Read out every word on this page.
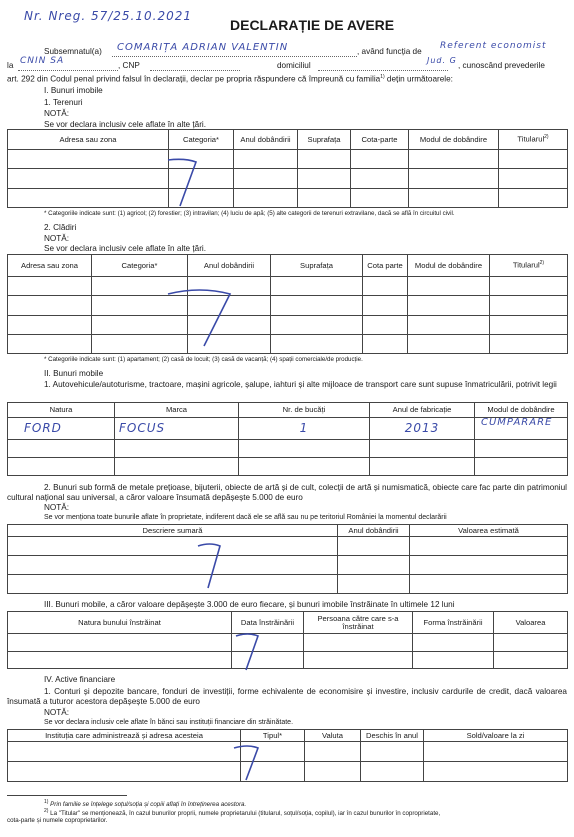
Nr. Nreg. 57/25.10.2021
DECLARAȚIE DE AVERE
Subsemnatul(a) COMARIȚA ADRIAN VALENTIN	, având funcția de
Referent economist
la CNIN SA	, CNP	domiciliul
Jud. G
, cunoscând prevederile
art. 292 din Codul penal privind falsul în declarații, declar pe propria răspundere că împreună cu familia$^{1)}$ dețin următoarele:
I. Bunuri imobile
1. Terenuri
NOTĂ:
Se vor declara inclusiv cele aflate în alte țări.
Adresa sau zona	Categoria*	Anul dobândirii	Suprafața	Cota-parte	Modul de dobândire	Titularul$^{2)}$

* Categoriile indicate sunt: (1) agricol; (2) forestier; (3) intravilan; (4) luciu de apă; (5) alte categorii de terenuri extravilane, dacă se află în circuitul civil.
2. Clădiri
NOTĂ:
Se vor declara inclusiv cele aflate în alte țări.
Adresa sau zona	Categoria*	Anul dobândirii	Suprafața	Cota parte	Modul de dobândire	Titularul$^{2)}$

* Categoriile indicate sunt: (1) apartament; (2) casă de locuit; (3) casă de vacanță; (4) spații comerciale/de producție.
II. Bunuri mobile
1. Autovehicule/autoturisme, tractoare, mașini agricole, șalupe, iahturi și alte mijloace de transport care sunt supuse înmatriculării, potrivit legii
Natura	Marca	Nr. de bucăți	Anul de fabricație	Modul de dobândire
FORD	FOCUS	1	2013	CUMPARARE

2. Bunuri sub formă de metale prețioase, bijuterii, obiecte de artă și de cult, colecții de artă și numismatică, obiecte care fac parte din patrimoniul cultural național sau universal, a căror valoare însumată depășește 5.000 de euro
NOTĂ:
Se vor menționa toate bunurile aflate în proprietate, indiferent dacă ele se află sau nu pe teritoriul României la momentul declarării
Descriere sumară	Anul dobândirii	Valoarea estimată

III. Bunuri mobile, a căror valoare depășește 3.000 de euro fiecare, și bunuri imobile înstrăinate în ultimele 12 luni
Natura bunului înstrăinat	Data înstrăinării	Persoana către care s-a înstrăinat	Forma înstrăinării	Valoarea

IV. Active financiare
1. Conturi și depozite bancare, fonduri de investiții, forme echivalente de economisire și investire, inclusiv cardurile de credit, dacă valoarea însumată a tuturor acestora depășește 5.000 de euro
NOTĂ:
Se vor declara inclusiv cele aflate în bănci sau instituții financiare din străinătate.
Instituția care administrează și adresa acesteia	Tipul*	Valuta	Deschis în anul	Sold/valoare la zi

$^{1)}$ Prin familie se înțelege soțul/soția și copiii aflați în întreținerea acestora.
$^{2)}$ La "Titular" se menționează, în cazul bunurilor proprii, numele proprietarului (titularul, soțul/soția, copilul), iar în cazul bunurilor în coproprietate,
cota-parte și numele coproprietarilor.
